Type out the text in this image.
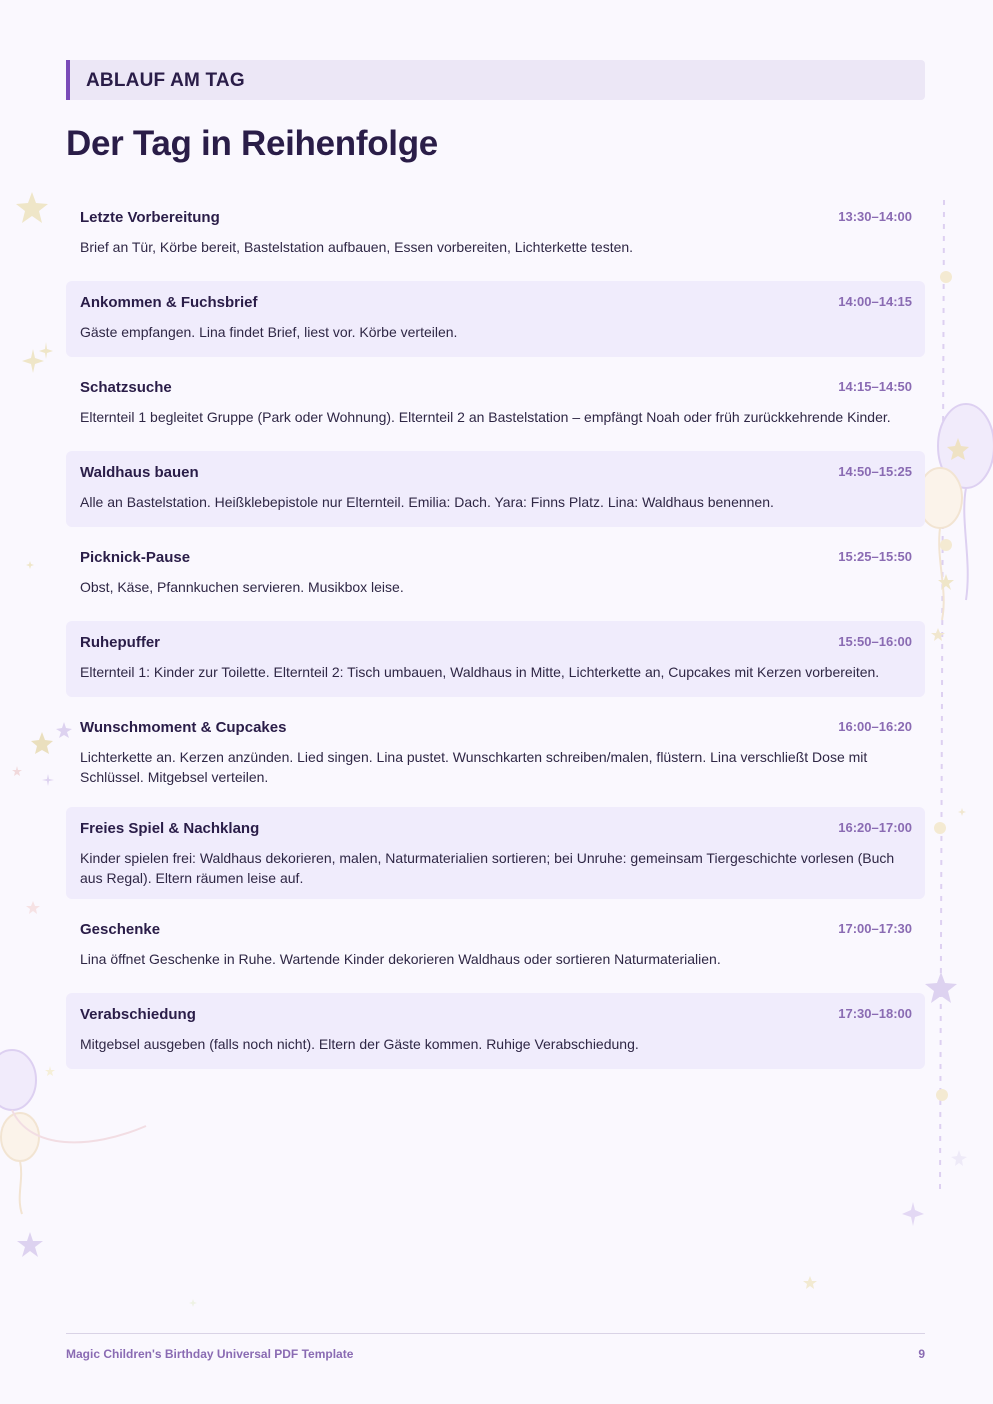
ABLAUF AM TAG
Der Tag in Reihenfolge
Letzte Vorbereitung	13:30–14:00
Brief an Tür, Körbe bereit, Bastelstation aufbauen, Essen vorbereiten, Lichterkette testen.
Ankommen & Fuchsbrief	14:00–14:15
Gäste empfangen. Lina findet Brief, liest vor. Körbe verteilen.
Schatzsuche	14:15–14:50
Elternteil 1 begleitet Gruppe (Park oder Wohnung). Elternteil 2 an Bastelstation – empfängt Noah oder früh zurückkehrende Kinder.
Waldhaus bauen	14:50–15:25
Alle an Bastelstation. Heißklebepistole nur Elternteil. Emilia: Dach. Yara: Finns Platz. Lina: Waldhaus benennen.
Picknick-Pause	15:25–15:50
Obst, Käse, Pfannkuchen servieren. Musikbox leise.
Ruhepuffer	15:50–16:00
Elternteil 1: Kinder zur Toilette. Elternteil 2: Tisch umbauen, Waldhaus in Mitte, Lichterkette an, Cupcakes mit Kerzen vorbereiten.
Wunschmoment & Cupcakes	16:00–16:20
Lichterkette an. Kerzen anzünden. Lied singen. Lina pustet. Wunschkarten schreiben/malen, flüstern. Lina verschließt Dose mit Schlüssel. Mitgebsel verteilen.
Freies Spiel & Nachklang	16:20–17:00
Kinder spielen frei: Waldhaus dekorieren, malen, Naturmaterialien sortieren; bei Unruhe: gemeinsam Tiergeschichte vorlesen (Buch aus Regal). Eltern räumen leise auf.
Geschenke	17:00–17:30
Lina öffnet Geschenke in Ruhe. Wartende Kinder dekorieren Waldhaus oder sortieren Naturmaterialien.
Verabschiedung	17:30–18:00
Mitgebsel ausgeben (falls noch nicht). Eltern der Gäste kommen. Ruhige Verabschiedung.
Magic Children's Birthday Universal PDF Template	9
